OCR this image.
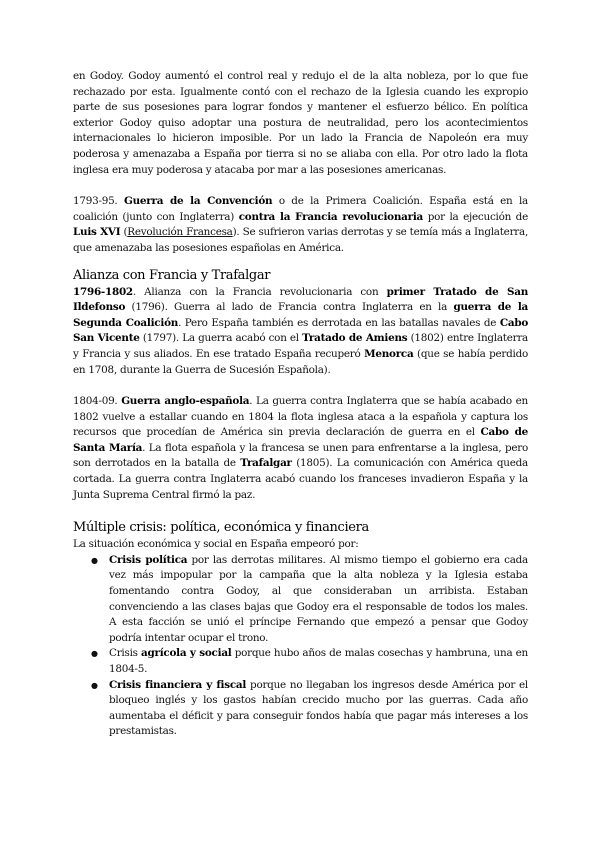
en Godoy. Godoy aumentó el control real y redujo el de la alta nobleza, por lo que fue rechazado por esta. Igualmente contó con el rechazo de la Iglesia cuando les expropio parte de sus posesiones para lograr fondos y mantener el esfuerzo bélico. En política exterior Godoy quiso adoptar una postura de neutralidad, pero los acontecimientos internacionales lo hicieron imposible. Por un lado la Francia de Napoleón era muy poderosa y amenazaba a España por tierra si no se aliaba con ella. Por otro lado la flota inglesa era muy poderosa y atacaba por mar a las posesiones americanas.

1793-95. Guerra de la Convención o de la Primera Coalición. España está en la coalición (junto con Inglaterra) contra la Francia revolucionaria por la ejecución de Luis XVI (Revolución Francesa). Se sufrieron varias derrotas y se temía más a Inglaterra, que amenazaba las posesiones españolas en América.

Alianza con Francia y Trafalgar

1796-1802. Alianza con la Francia revolucionaria con primer Tratado de San Ildefonso (1796). Guerra al lado de Francia contra Inglaterra en la guerra de la Segunda Coalición. Pero España también es derrotada en las batallas navales de Cabo San Vicente (1797). La guerra acabó con el Tratado de Amiens (1802) entre Inglaterra y Francia y sus aliados. En ese tratado España recuperó Menorca (que se había perdido en 1708, durante la Guerra de Sucesión Española).

1804-09. Guerra anglo-española. La guerra contra Inglaterra que se había acabado en 1802 vuelve a estallar cuando en 1804 la flota inglesa ataca a la española y captura los recursos que procedían de América sin previa declaración de guerra en el Cabo de Santa María. La flota española y la francesa se unen para enfrentarse a la inglesa, pero son derrotados en la batalla de Trafalgar (1805). La comunicación con América queda cortada. La guerra contra Inglaterra acabó cuando los franceses invadieron España y la Junta Suprema Central firmó la paz.

Múltiple crisis: política, económica y financiera

La situación económica y social en España empeoró por:

● Crisis política por las derrotas militares. Al mismo tiempo el gobierno era cada vez más impopular por la campaña que la alta nobleza y la Iglesia estaba fomentando contra Godoy, al que consideraban un arribista. Estaban convenciendo a las clases bajas que Godoy era el responsable de todos los males. A esta facción se unió el príncipe Fernando que empezó a pensar que Godoy podría intentar ocupar el trono.
● Crisis agrícola y social porque hubo años de malas cosechas y hambruna, una en 1804-5.
● Crisis financiera y fiscal porque no llegaban los ingresos desde América por el bloqueo inglés y los gastos habían crecido mucho por las guerras. Cada año aumentaba el déficit y para conseguir fondos había que pagar más intereses a los prestamistas.
